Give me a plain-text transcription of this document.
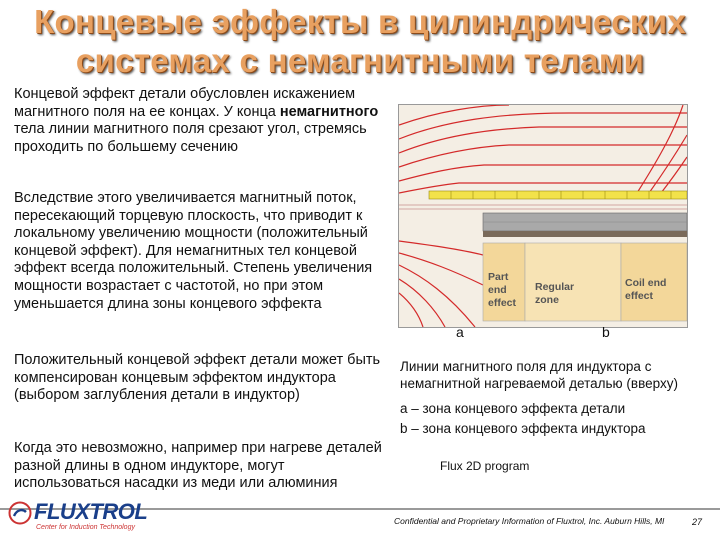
Концевые эффекты в цилиндрических
системах с немагнитными телами
Концевой эффект детали обусловлен искажением магнитного поля на ее концах. У конца немагнитного тела линии магнитного поля срезают угол, стремясь проходить по большему сечению
Вследствие этого увеличивается магнитный поток, пересекающий торцевую плоскость, что приводит к локальному увеличению мощности (положительный концевой эффект). Для немагнитных тел концевой эффект всегда положительный. Степень увеличения мощности возрастает с частотой, но при этом уменьшается длина зоны концевого эффекта
Положительный концевой эффект детали может быть компенсирован концевым эффектом индуктора (выбором заглубления детали в индуктор)
Когда это невозможно, например при нагреве деталей разной длины в одном индукторе, могут использоваться насадки из меди или алюминия
Part
end
effect
Regular
zone
Coil end
effect
a	b
Линии магнитного поля для индуктора с немагнитной нагреваемой деталью (вверху)
a – зона концевого эффекта детали
b – зона концевого эффекта индуктора
Flux 2D program
FLUXTROL
Center for Induction Technology
Confidential and Proprietary Information of Fluxtrol, Inc. Auburn Hills, MI	27
